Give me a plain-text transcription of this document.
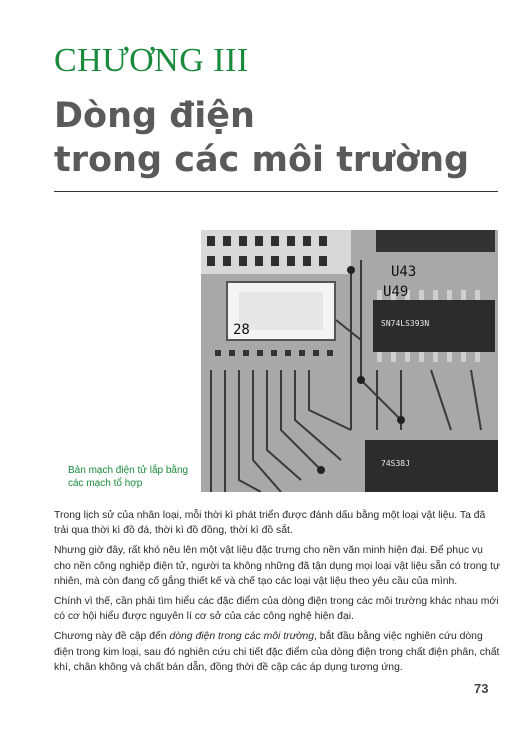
CHƯƠNG III
Dòng điện
trong các môi trường
U43
U49
28	SN74LS393N
74S38J
Bản mạch điện tử lắp bằng
các mạch tổ hợp

Trong lịch sử của nhân loại, mỗi thời kì phát triển được đánh dấu bằng một loại vật liệu. Ta đã trải qua thời kì đồ đá, thời kì đồ đồng, thời kì đồ sắt.

Nhưng giờ đây, rất khó nêu lên một vật liệu đặc trưng cho nền văn minh hiện đại. Để phục vụ cho nền công nghiệp điện tử, người ta không những đã tận dụng mọi loại vật liệu sẵn có trong tự nhiên, mà còn đang cố gắng thiết kế và chế tạo các loại vật liệu theo yêu cầu của mình.

Chính vì thế, cần phải tìm hiểu các đặc điểm của dòng điện trong các môi trường khác nhau mới có cơ hội hiểu được nguyên lí cơ sở của các công nghệ hiện đại.

Chương này đề cập đến dòng điện trong các môi trường, bắt đầu bằng việc nghiên cứu dòng điện trong kim loại, sau đó nghiên cứu chi tiết đặc điểm của dòng điện trong chất điện phân, chất khí, chân không và chất bán dẫn, đồng thời đề cập các áp dụng tương ứng.

73
